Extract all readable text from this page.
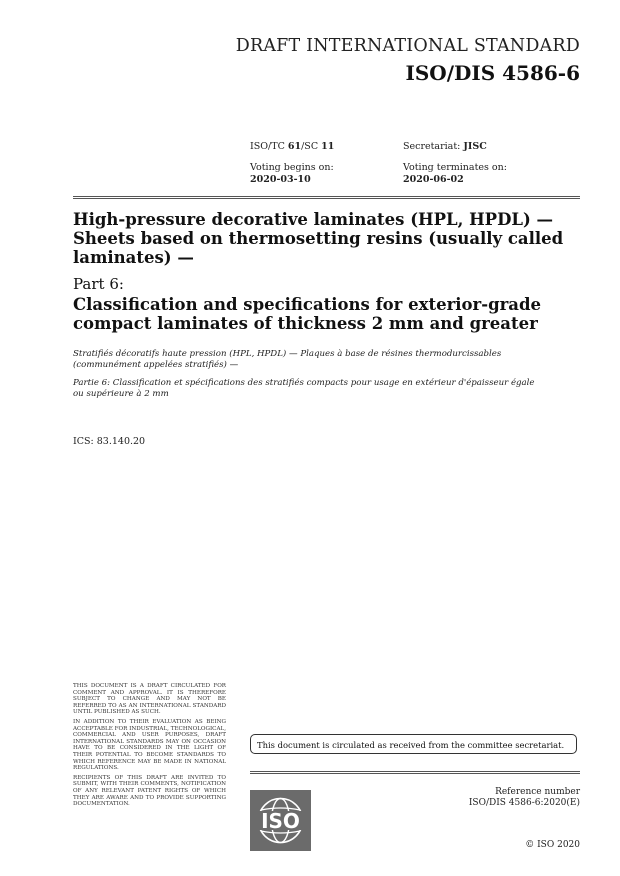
DRAFT INTERNATIONAL STANDARD
ISO/DIS 4586-6
ISO/TC 61/SC 11	Secretariat: JISC
Voting begins on:
2020-03-10
Voting terminates on:
2020-06-02
High-pressure decorative laminates (HPL, HPDL) —
Sheets based on thermosetting resins (usually called
laminates) —
Part 6:
Classification and specifications for exterior-grade
compact laminates of thickness 2 mm and greater
Stratifiés décoratifs haute pression (HPL, HPDL) — Plaques à base de résines thermodurcissables
(communément appelées stratifiés) —
Partie 6: Classification et spécifications des stratifiés compacts pour usage en extérieur d'épaisseur égale
ou supérieure à 2 mm
ICS: 83.140.20

THIS DOCUMENT IS A DRAFT CIRCULATED FOR COMMENT AND APPROVAL. IT IS THEREFORE SUBJECT TO CHANGE AND MAY NOT BE REFERRED TO AS AN INTERNATIONAL STANDARD UNTIL PUBLISHED AS SUCH.

IN ADDITION TO THEIR EVALUATION AS BEING ACCEPTABLE FOR INDUSTRIAL, TECHNOLOGICAL, COMMERCIAL AND USER PURPOSES, DRAFT INTERNATIONAL STANDARDS MAY ON OCCASION HAVE TO BE CONSIDERED IN THE LIGHT OF THEIR POTENTIAL TO BECOME STANDARDS TO WHICH REFERENCE MAY BE MADE IN NATIONAL REGULATIONS.

RECIPIENTS OF THIS DRAFT ARE INVITED TO SUBMIT, WITH THEIR COMMENTS, NOTIFICATION OF ANY RELEVANT PATENT RIGHTS OF WHICH THEY ARE AWARE AND TO PROVIDE SUPPORTING DOCUMENTATION.

This document is circulated as received from the committee secretariat.
ISO
Reference number
ISO/DIS 4586-6:2020(E)
© ISO 2020
